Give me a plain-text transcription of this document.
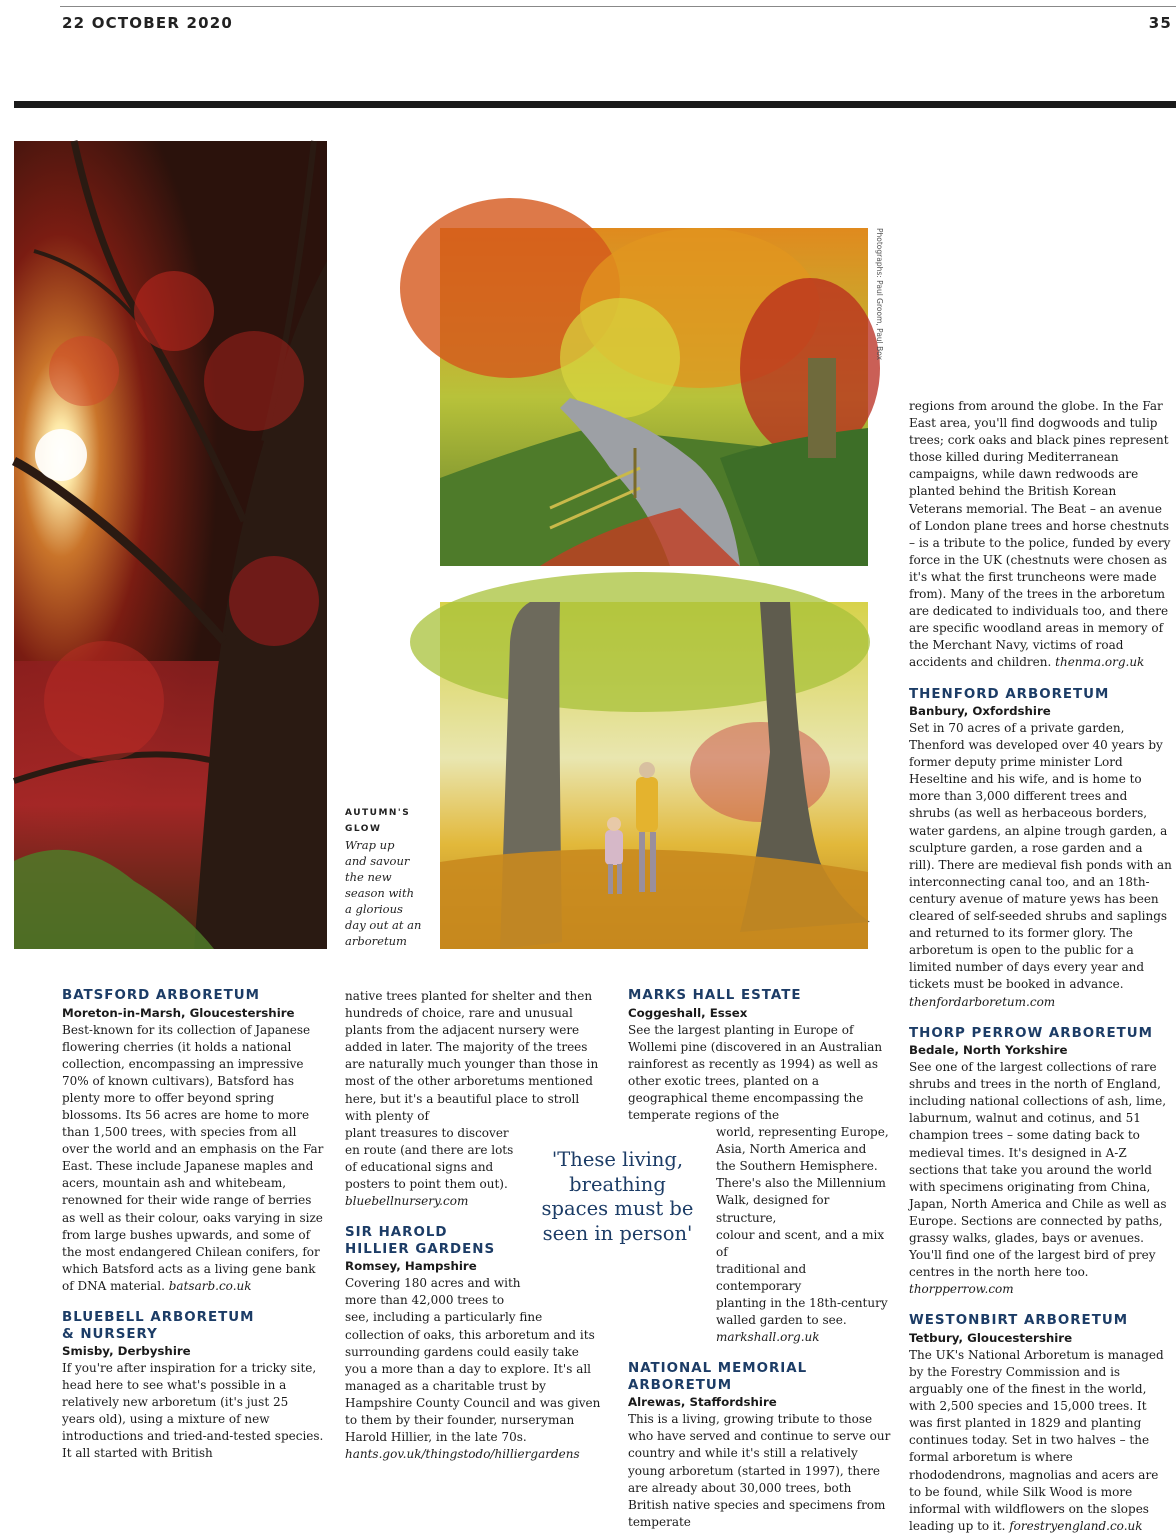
22 OCTOBER 2020	35
Photographs: Paul Groom, Paul Box
AUTUMN'S GLOW
Wrap up
and savour
the new
season with
a glorious
day out at an
arboretum
BATSFORD ARBORETUM
Moreton-in-Marsh, Gloucestershire

Best-known for its collection of Japanese flowering cherries (it holds a national collection, encompassing an impressive 70% of known cultivars), Batsford has plenty more to offer beyond spring blossoms. Its 56 acres are home to more than 1,500 trees, with species from all over the world and an emphasis on the Far East. These include Japanese maples and acers, mountain ash and whitebeam, renowned for their wide range of berries as well as their colour, oaks varying in size from large bushes upwards, and some of the most endangered Chilean conifers, for which Batsford acts as a living gene bank of DNA material. batsarb.co.uk

BLUEBELL ARBORETUM
& NURSERY
Smisby, Derbyshire

If you're after inspiration for a tricky site, head here to see what's possible in a relatively new arboretum (it's just 25 years old), using a mixture of new introductions and tried-and-tested species. It all started with British

native trees planted for shelter and then hundreds of choice, rare and unusual plants from the adjacent nursery were added in later. The majority of the trees are naturally much younger than those in most of the other arboretums mentioned here, but it's a beautiful place to stroll with plenty of

plant treasures to discover

en route (and there are lots

of educational signs and

posters to point them out).

bluebellnursery.com

SIR HAROLD
HILLIER GARDENS
Romsey, Hampshire

Covering 180 acres and with

more than 42,000 trees to

see, including a particularly fine collection of oaks, this arboretum and its surrounding gardens could easily take you a more than a day to explore. It's all managed as a charitable trust by Hampshire County Council and was given to them by their founder, nurseryman Harold Hillier, in the late 70s. hants.gov.uk/thingstodo/hilliergardens

'These living,
breathing
spaces must be
seen in person'
MARKS HALL ESTATE
Coggeshall, Essex

See the largest planting in Europe of Wollemi pine (discovered in an Australian rainforest as recently as 1994) as well as other exotic trees, planted on a geographical theme encompassing the temperate regions of the

world, representing Europe,

Asia, North America and

the Southern Hemisphere.

There's also the Millennium

Walk, designed for structure,

colour and scent, and a mix of

traditional and contemporary

planting in the 18th-century

walled garden to see.

markshall.org.uk

NATIONAL MEMORIAL ARBORETUM
Alrewas, Staffordshire

This is a living, growing tribute to those who have served and continue to serve our country and while it's still a relatively young arboretum (started in 1997), there are already about 30,000 trees, both British native species and specimens from temperate

regions from around the globe. In the Far East area, you'll find dogwoods and tulip trees; cork oaks and black pines represent those killed during Mediterranean campaigns, while dawn redwoods are planted behind the British Korean Veterans memorial. The Beat – an avenue of London plane trees and horse chestnuts – is a tribute to the police, funded by every force in the UK (chestnuts were chosen as it's what the first truncheons were made from). Many of the trees in the arboretum are dedicated to individuals too, and there are specific woodland areas in memory of the Merchant Navy, victims of road accidents and children. thenma.org.uk

THENFORD ARBORETUM
Banbury, Oxfordshire

Set in 70 acres of a private garden, Thenford was developed over 40 years by former deputy prime minister Lord Heseltine and his wife, and is home to more than 3,000 different trees and shrubs (as well as herbaceous borders, water gardens, an alpine trough garden, a sculpture garden, a rose garden and a rill). There are medieval fish ponds with an interconnecting canal too, and an 18th-century avenue of mature yews has been cleared of self-seeded shrubs and saplings and returned to its former glory. The arboretum is open to the public for a limited number of days every year and tickets must be booked in advance. thenfordarboretum.com

THORP PERROW ARBORETUM
Bedale, North Yorkshire

See one of the largest collections of rare shrubs and trees in the north of England, including national collections of ash, lime, laburnum, walnut and cotinus, and 51 champion trees – some dating back to medieval times. It's designed in A-Z sections that take you around the world with specimens originating from China, Japan, North America and Chile as well as Europe. Sections are connected by paths, grassy walks, glades, bays or avenues. You'll find one of the largest bird of prey centres in the north here too. thorpperrow.com

WESTONBIRT ARBORETUM
Tetbury, Gloucestershire

The UK's National Arboretum is managed by the Forestry Commission and is arguably one of the finest in the world, with 2,500 species and 15,000 trees. It was first planted in 1829 and planting continues today. Set in two halves – the formal arboretum is where rhododendrons, magnolias and acers are to be found, while Silk Wood is more informal with wildflowers on the slopes leading up to it. forestryengland.co.uk
